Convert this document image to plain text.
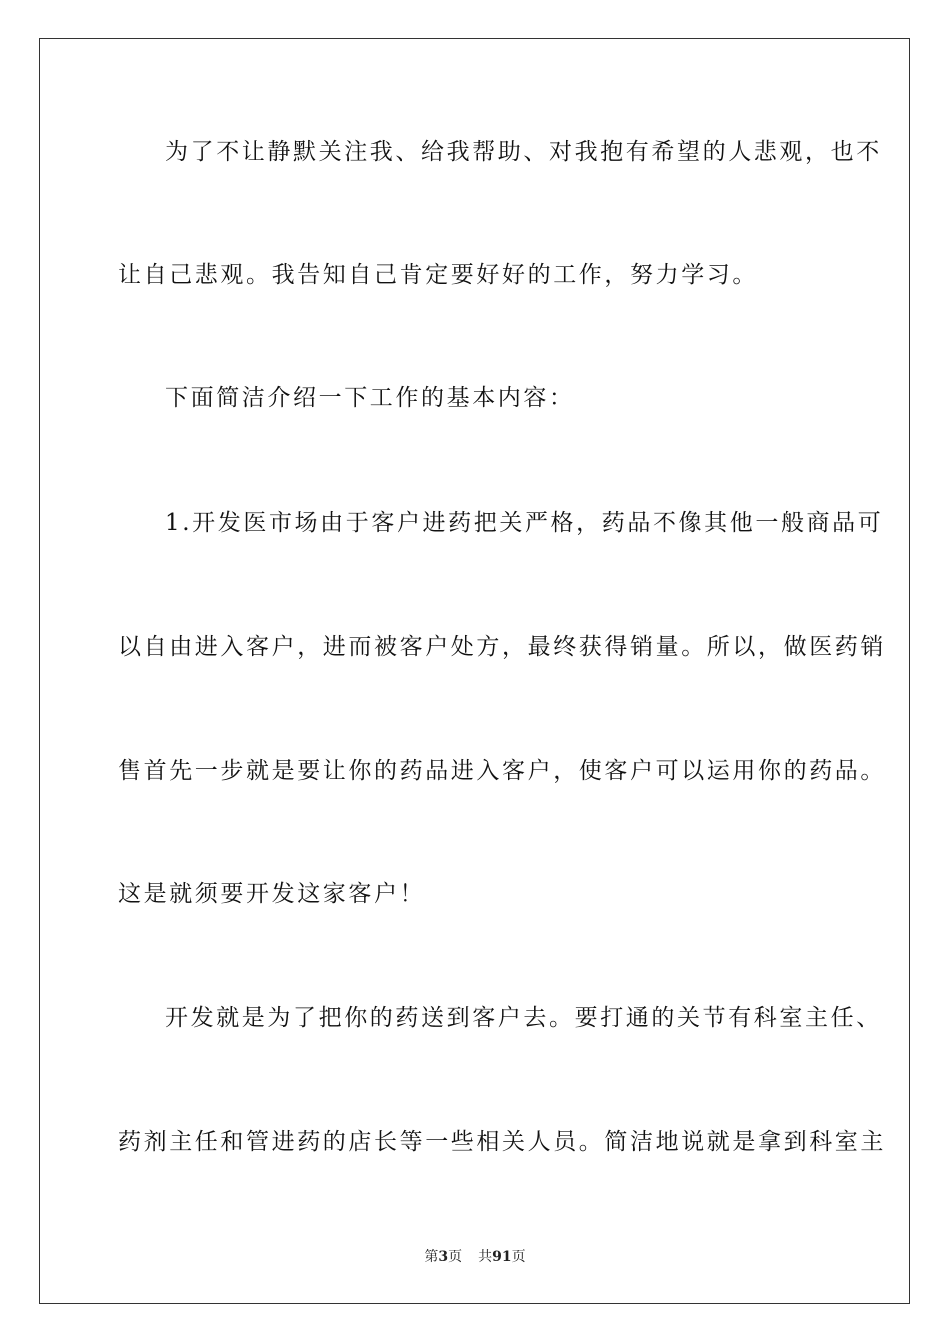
为了不让静默关注我、给我帮助、对我抱有希望的人悲观，也不
让自己悲观。我告知自己肯定要好好的工作，努力学习。
下面简洁介绍一下工作的基本内容：
1.开发医市场由于客户进药把关严格，药品不像其他一般商品可
以自由进入客户，进而被客户处方，最终获得销量。所以，做医药销
售首先一步就是要让你的药品进入客户，使客户可以运用你的药品。
这是就须要开发这家客户！
开发就是为了把你的药送到客户去。要打通的关节有科室主任、
药剂主任和管进药的店长等一些相关人员。简洁地说就是拿到科室主
第3页 共91页
